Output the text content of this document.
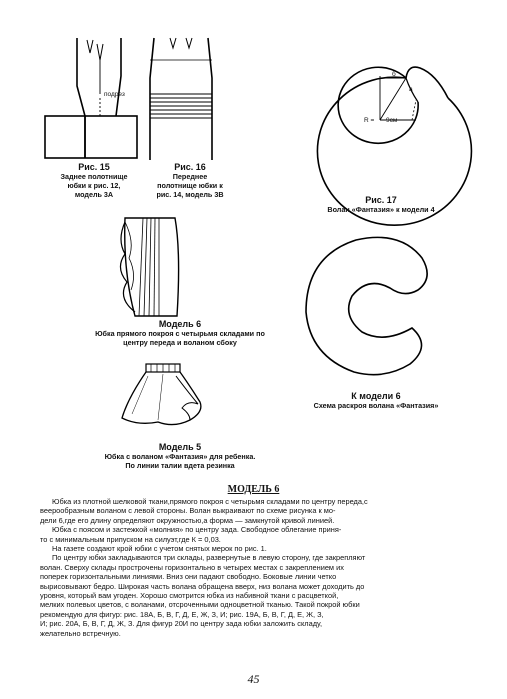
подрез
Рис. 15
Заднее полотнище
юбки к рис. 12,
модель 3А
Рис. 16
Переднее
полотнище юбки к
рис. 14, модель 3В
б
а
R = 9см
Рис. 17
Волан «Фантазия» к модели 4
Модель 6
Юбка прямого покроя с четырьмя складами по
центру переда и воланом сбоку
К модели 6
Схема раскроя волана «Фантазия»
Модель 5
Юбка с воланом «Фантазия» для ребенка.
По линии талии вдета резинка
МОДЕЛЬ 6
Юбка из плотной шелковой ткани,прямого покроя с четырьмя складами по центру переда,с
веерообразным воланом с левой стороны. Волан выкраивают по схеме рисунка к мо-
дели 6,где его длину определяют окружностью,а форма — замкнутой кривой линией.
Юбка с поясом и застежкой «молния» по центру зада. Свободное облегание приня-
то с минимальным припуском на силуэт,где К = 0,03.
На газете создают крой юбки с учетом снятых мерок по рис. 1.
По центру юбки закладываются три склады, развернутые в левую сторону, где закрепляют
волан. Сверху склады прострочены горизонтально в четырех местах с закреплением их
поперек горизонтальными линиями. Вниз они падают свободно. Боковые линии четко
вырисовывают бедро. Широкая часть волана обращена вверх, низ волана может доходить до
уровня, который вам угоден. Хорошо смотрится юбка из набивной ткани с расцветкой,
мелких полевых цветов, с воланами, отсроченными одноцветной тканью. Такой покрой юбки
рекомендую для фигур: рис. 18А, Б, В, Г, Д, Е, Ж, З, И; рис. 19А, Б, В, Г, Д, Е, Ж, З,
И; рис. 20А, Б, В, Г, Д, Ж, З. Для фигур 20И по центру зада юбки заложить складу,
желательно встречную.
45
